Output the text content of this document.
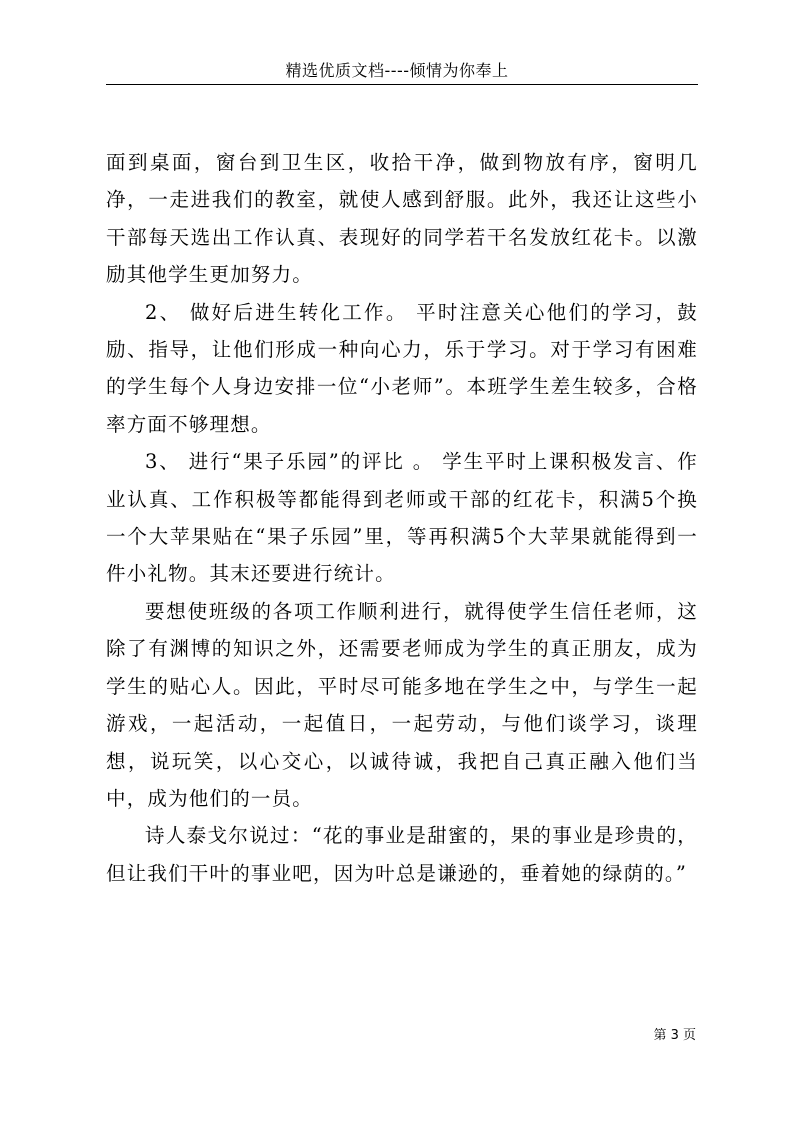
精选优质文档----倾情为你奉上

面到桌面，窗台到卫生区，收拾干净，做到物放有序，窗明几净，一走进我们的教室，就使人感到舒服。此外，我还让这些小干部每天选出工作认真、表现好的同学若干名发放红花卡。以激励其他学生更加努力。

2、 做好后进生转化工作。 平时注意关心他们的学习，鼓励、指导，让他们形成一种向心力，乐于学习。对于学习有困难的学生每个人身边安排一位“小老师”。本班学生差生较多，合格率方面不够理想。

3、 进行“果子乐园”的评比 。 学生平时上课积极发言、作业认真、工作积极等都能得到老师或干部的红花卡，积满5个换一个大苹果贴在“果子乐园”里，等再积满5个大苹果就能得到一件小礼物。其末还要进行统计。

要想使班级的各项工作顺利进行，就得使学生信任老师，这除了有渊博的知识之外，还需要老师成为学生的真正朋友，成为学生的贴心人。因此，平时尽可能多地在学生之中，与学生一起游戏，一起活动，一起值日，一起劳动，与他们谈学习，谈理想，说玩笑，以心交心，以诚待诚，我把自己真正融入他们当中，成为他们的一员。

诗人泰戈尔说过：“花的事业是甜蜜的，果的事业是珍贵的，但让我们干叶的事业吧，因为叶总是谦逊的，垂着她的绿荫的。”

第 3 页
